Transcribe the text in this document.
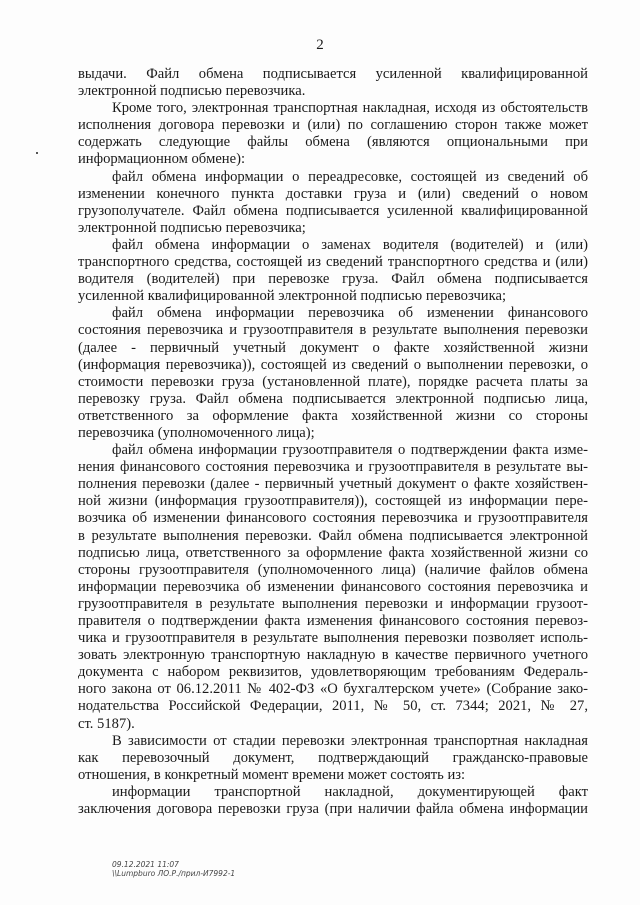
2
выдачи. Файл обмена подписывается усиленной квалифицированной
электронной подписью перевозчика.
Кроме того, электронная транспортная накладная, исходя из обстоятельств
исполнения договора перевозки и (или) по соглашению сторон также может
содержать следующие файлы обмена (являются опциональными при
информационном обмене):
файл обмена информации о переадресовке, состоящей из сведений об
изменении конечного пункта доставки груза и (или) сведений о новом
грузополучателе. Файл обмена подписывается усиленной квалифицированной
электронной подписью перевозчика;
файл обмена информации о заменах водителя (водителей) и (или)
транспортного средства, состоящей из сведений транспортного средства и (или)
водителя (водителей) при перевозке груза. Файл обмена подписывается
усиленной квалифицированной электронной подписью перевозчика;
файл обмена информации перевозчика об изменении финансового
состояния перевозчика и грузоотправителя в результате выполнения перевозки
(далее - первичный учетный документ о факте хозяйственной жизни
(информация перевозчика)), состоящей из сведений о выполнении перевозки, о
стоимости перевозки груза (установленной плате), порядке расчета платы за
перевозку груза. Файл обмена подписывается электронной подписью лица,
ответственного за оформление факта хозяйственной жизни со стороны
перевозчика (уполномоченного лица);
файл обмена информации грузоотправителя о подтверждении факта изме-
нения финансового состояния перевозчика и грузоотправителя в результате вы-
полнения перевозки (далее - первичный учетный документ о факте хозяйствен-
ной жизни (информация грузоотправителя)), состоящей из информации пере-
возчика об изменении финансового состояния перевозчика и грузоотправителя
в результате выполнения перевозки. Файл обмена подписывается электронной
подписью лица, ответственного за оформление факта хозяйственной жизни со
стороны грузоотправителя (уполномоченного лица) (наличие файлов обмена
информации перевозчика об изменении финансового состояния перевозчика и
грузоотправителя в результате выполнения перевозки и информации грузоот-
правителя о подтверждении факта изменения финансового состояния перевоз-
чика и грузоотправителя в результате выполнения перевозки позволяет исполь-
зовать электронную транспортную накладную в качестве первичного учетного
документа с набором реквизитов, удовлетворяющим требованиям Федераль-
ного закона от 06.12.2011 № 402-ФЗ «О бухгалтерском учете» (Собрание зако-
нодательства Российской Федерации, 2011, № 50, ст. 7344; 2021, № 27,
ст. 5187).
В зависимости от стадии перевозки электронная транспортная накладная
как перевозочный документ, подтверждающий гражданско-правовые
отношения, в конкретный момент времени может состоять из:
информации транспортной накладной, документирующей факт
заключения договора перевозки груза (при наличии файла обмена информации
09.12.2021 11:07
\\Lumpburo ЛО.Р./прил-И7992-1
